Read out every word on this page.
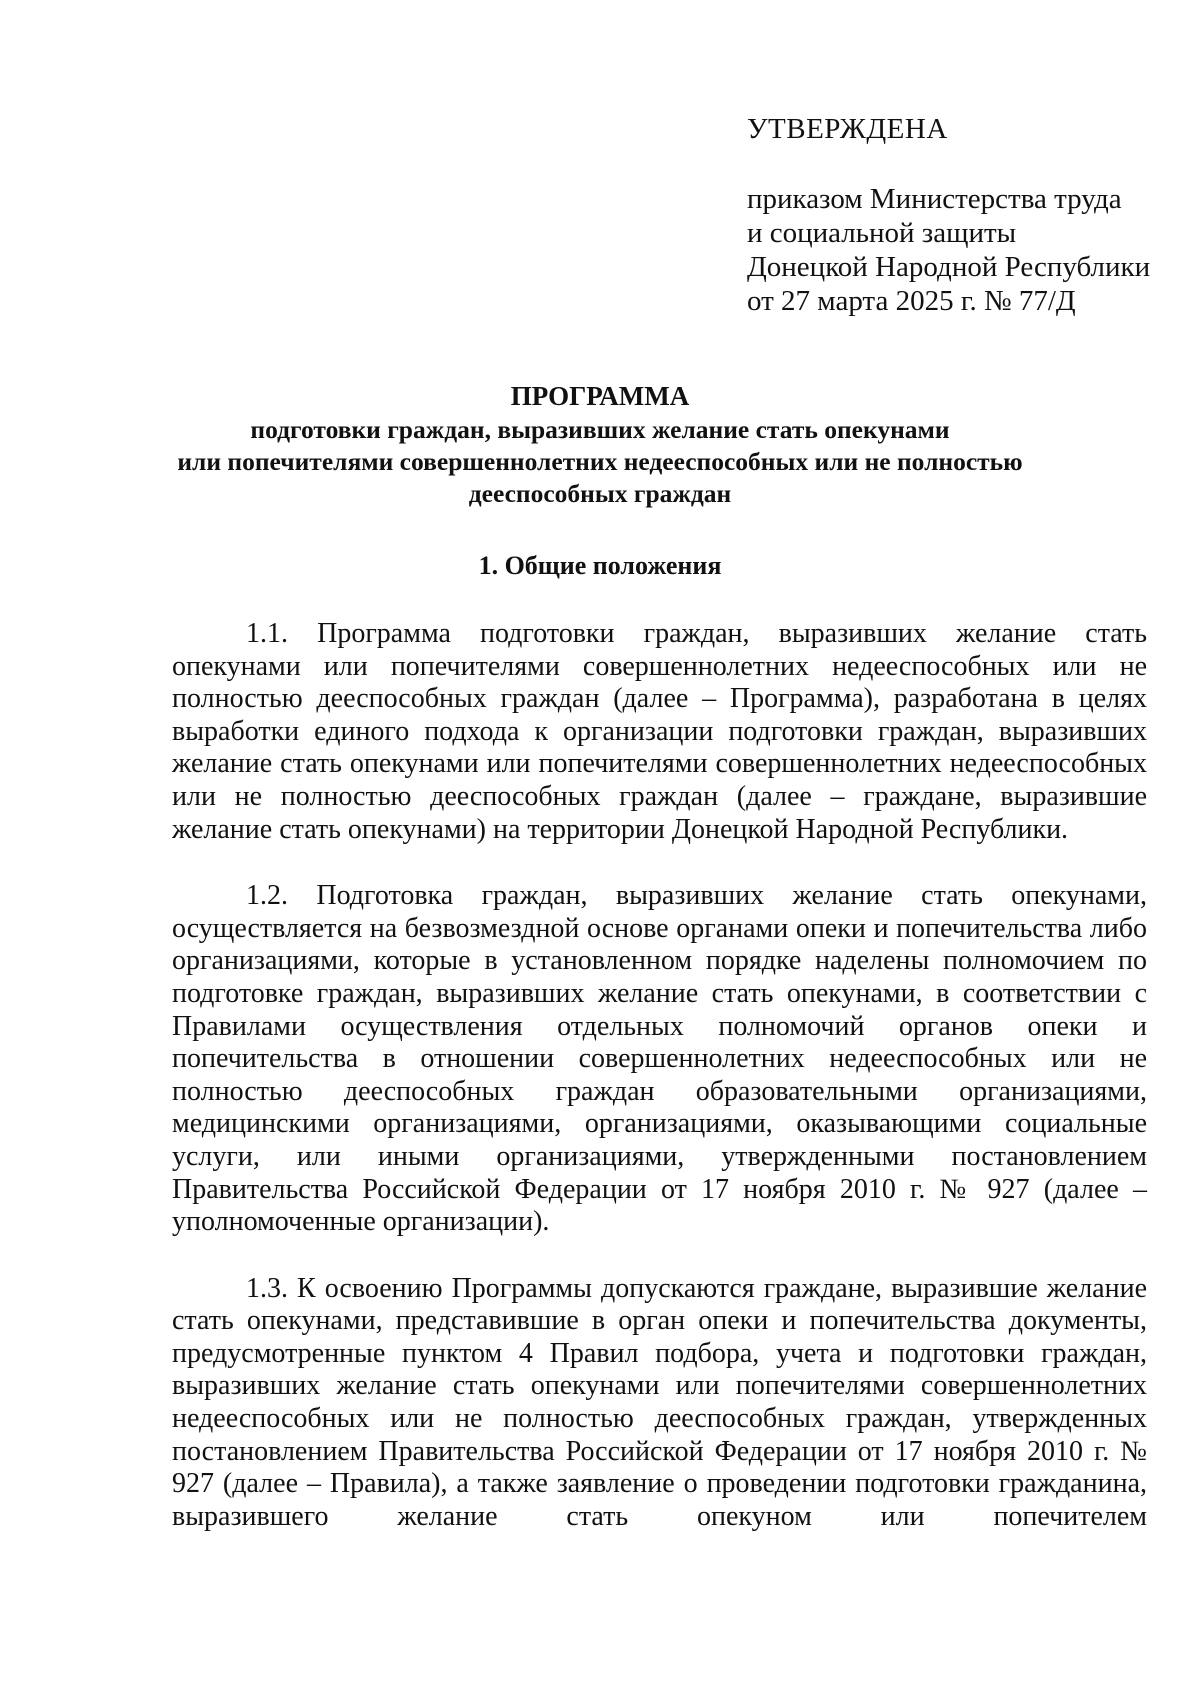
УТВЕРЖДЕНА

приказом Министерства труда
и социальной защиты
Донецкой Народной Республики
от 27 марта 2025 г. № 77/Д
ПРОГРАММА
подготовки граждан, выразивших желание стать опекунами
или попечителями совершеннолетних недееспособных или не полностью
дееспособных граждан
1. Общие положения

1.1. Программа подготовки граждан, выразивших желание стать опекунами или попечителями совершеннолетних недееспособных или не полностью дееспособных граждан (далее – Программа), разработана в целях выработки единого подхода к организации подготовки граждан, выразивших желание стать опекунами или попечителями совершеннолетних недееспособных или не полностью дееспособных граждан (далее – граждане, выразившие желание стать опекунами) на территории Донецкой Народной Республики.

1.2. Подготовка граждан, выразивших желание стать опекунами, осуществляется на безвозмездной основе органами опеки и попечительства либо организациями, которые в установленном порядке наделены полномочием по подготовке граждан, выразивших желание стать опекунами, в соответствии с Правилами осуществления отдельных полномочий органов опеки и попечительства в отношении совершеннолетних недееспособных или не полностью дееспособных граждан образовательными организациями, медицинскими организациями, организациями, оказывающими социальные услуги, или иными организациями, утвержденными постановлением Правительства Российской Федерации от 17 ноября 2010 г. № 927 (далее – уполномоченные организации).

1.3. К освоению Программы допускаются граждане, выразившие желание стать опекунами, представившие в орган опеки и попечительства документы, предусмотренные пунктом 4 Правил подбора, учета и подготовки граждан, выразивших желание стать опекунами или попечителями совершеннолетних недееспособных или не полностью дееспособных граждан, утвержденных постановлением Правительства Российской Федерации от 17 ноября 2010 г. № 927 (далее – Правила), а также заявление о проведении подготовки гражданина, выразившего желание стать опекуном или попечителем
